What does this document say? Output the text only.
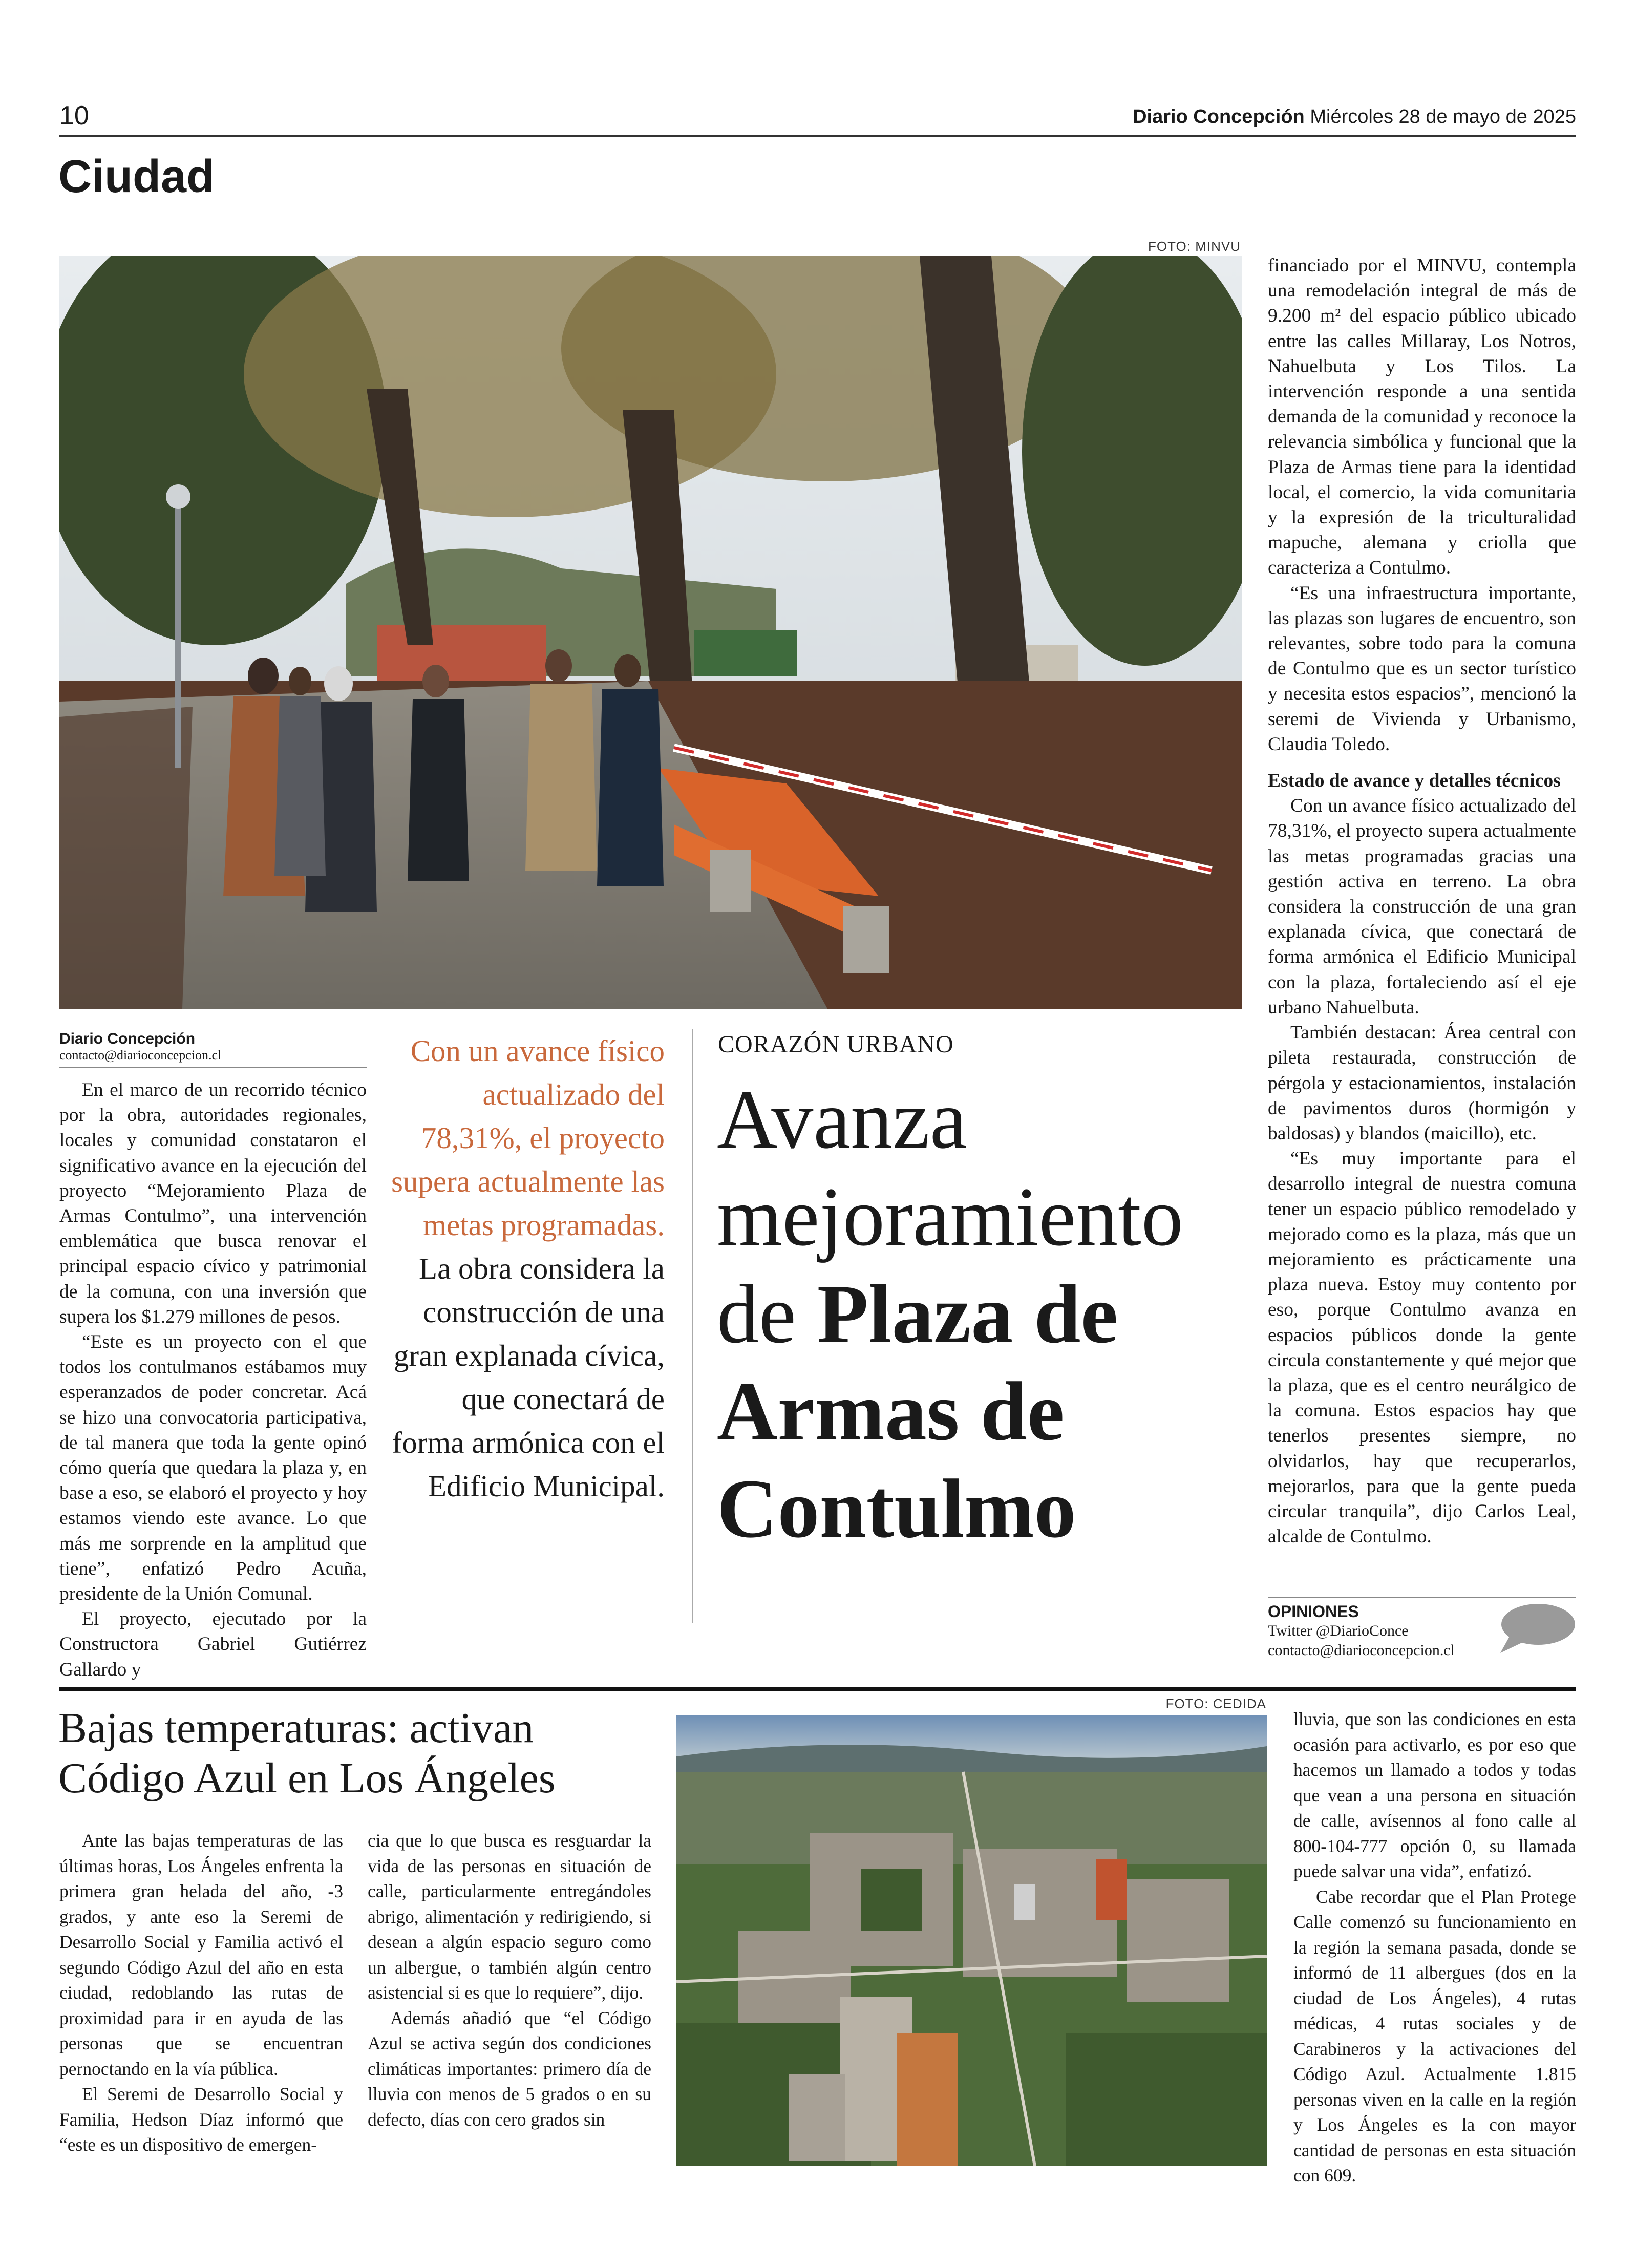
10	Diario Concepción Miércoles 28 de mayo de 2025
Ciudad
FOTO: MINVU
Diario Concepción
contacto@diarioconcepcion.cl

En el marco de un recorrido técnico por la obra, autoridades regionales, locales y comunidad constataron el significativo avance en la ejecución del proyecto “Mejoramiento Plaza de Armas Contulmo”, una intervención emblemática que busca renovar el principal espacio cívico y patrimonial de la comuna, con una inversión que supera los $1.279 millones de pesos.

“Este es un proyecto con el que todos los contulmanos estábamos muy esperanzados de poder concretar. Acá se hizo una convocatoria participativa, de tal manera que toda la gente opinó cómo quería que quedara la plaza y, en base a eso, se elaboró el proyecto y hoy estamos viendo este avance. Lo que más me sorprende en la amplitud que tiene”, enfatizó Pedro Acuña, presidente de la Unión Comunal.

El proyecto, ejecutado por la Constructora Gabriel Gutiérrez Gallardo y

Con un avance físico actualizado del 78,31%, el proyecto supera actualmente las metas programadas. La obra considera la construcción de una gran explanada cívica, que conectará de forma armónica con el Edificio Municipal.
CORAZÓN URBANO
Avanza mejoramiento de Plaza de Armas de Contulmo

financiado por el MINVU, contempla una remodelación integral de más de 9.200 m² del espacio público ubicado entre las calles Millaray, Los Notros, Nahuelbuta y Los Tilos. La intervención responde a una sentida demanda de la comunidad y reconoce la relevancia simbólica y funcional que la Plaza de Armas tiene para la identidad local, el comercio, la vida comunitaria y la expresión de la triculturalidad mapuche, alemana y criolla que caracteriza a Contulmo.

“Es una infraestructura importante, las plazas son lugares de encuentro, son relevantes, sobre todo para la comuna de Contulmo que es un sector turístico y necesita estos espacios”, mencionó la seremi de Vivienda y Urbanismo, Claudia Toledo.

Estado de avance y detalles técnicos

Con un avance físico actualizado del 78,31%, el proyecto supera actualmente las metas programadas gracias una gestión activa en terreno. La obra considera la construcción de una gran explanada cívica, que conectará de forma armónica el Edificio Municipal con la plaza, fortaleciendo así el eje urbano Nahuelbuta.

También destacan: Área central con pileta restaurada, construcción de pérgola y estacionamientos, instalación de pavimentos duros (hormigón y baldosas) y blandos (maicillo), etc.

“Es muy importante para el desarrollo integral de nuestra comuna tener un espacio público remodelado y mejorado como es la plaza, más que un mejoramiento es prácticamente una plaza nueva. Estoy muy contento por eso, porque Contulmo avanza en espacios públicos donde la gente circula constantemente y qué mejor que la plaza, que es el centro neurálgico de la comuna. Estos espacios hay que tenerlos presentes siempre, no olvidarlos, hay que recuperarlos, mejorarlos, para que la gente pueda circular tranquila”, dijo Carlos Leal, alcalde de Contulmo.

OPINIONES
Twitter @DiarioConce
contacto@diarioconcepcion.cl
Bajas temperaturas: activan Código Azul en Los Ángeles

Ante las bajas temperaturas de las últimas horas, Los Ángeles enfrenta la primera gran helada del año, -3 grados, y ante eso la Seremi de Desarrollo Social y Familia activó el segundo Código Azul del año en esta ciudad, redoblando las rutas de proximidad para ir en ayuda de las personas que se encuentran pernoctando en la vía pública.

El Seremi de Desarrollo Social y Familia, Hedson Díaz informó que “este es un dispositivo de emergen-

cia que lo que busca es resguardar la vida de las personas en situación de calle, particularmente entregándoles abrigo, alimentación y redirigiendo, si desean a algún espacio seguro como un albergue, o también algún centro asistencial si es que lo requiere”, dijo.

Además añadió que “el Código Azul se activa según dos condiciones climáticas importantes: primero día de lluvia con menos de 5 grados o en su defecto, días con cero grados sin

FOTO: CEDIDA

lluvia, que son las condiciones en esta ocasión para activarlo, es por eso que hacemos un llamado a todos y todas que vean a una persona en situación de calle, avísennos al fono calle al 800-104-777 opción 0, su llamada puede salvar una vida”, enfatizó.

Cabe recordar que el Plan Protege Calle comenzó su funcionamiento en la región la semana pasada, donde se informó de 11 albergues (dos en la ciudad de Los Ángeles), 4 rutas médicas, 4 rutas sociales y de Carabineros y la activaciones del Código Azul. Actualmente 1.815 personas viven en la calle en la región y Los Ángeles es la con mayor cantidad de personas en esta situación con 609.
